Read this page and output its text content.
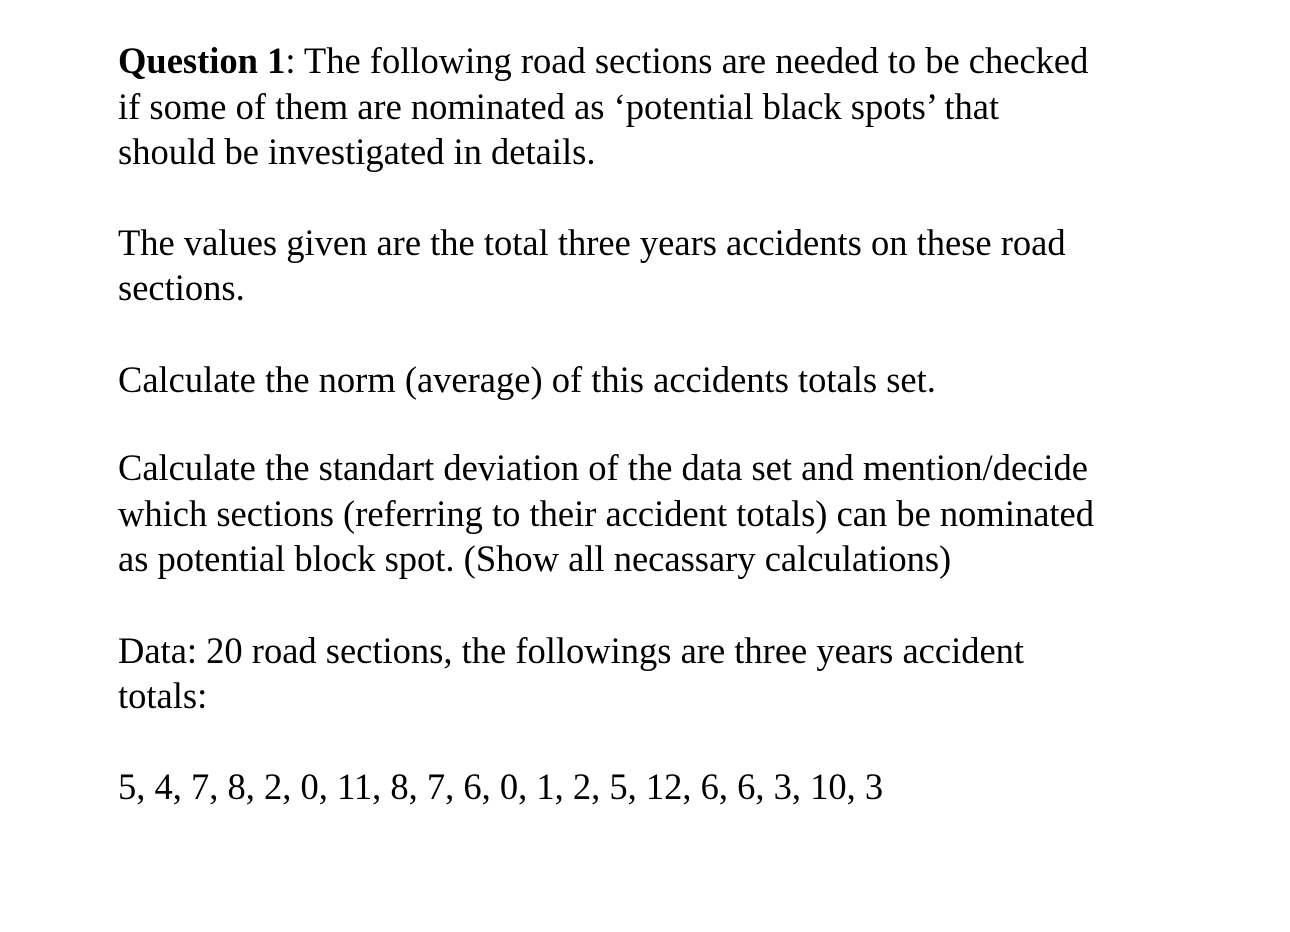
Question 1: The following road sections are needed to be checked
if some of them are nominated as ‘potential black spots’ that
should be investigated in details.

The values given are the total three years accidents on these road
sections.

Calculate the norm (average) of this accidents totals set.

Calculate the standart deviation of the data set and mention/decide
which sections (referring to their accident totals) can be nominated
as potential block spot. (Show all necassary calculations)

Data: 20 road sections, the followings are three years accident
totals:

5, 4, 7, 8, 2, 0, 11, 8, 7, 6, 0, 1, 2, 5, 12, 6, 6, 3, 10, 3
